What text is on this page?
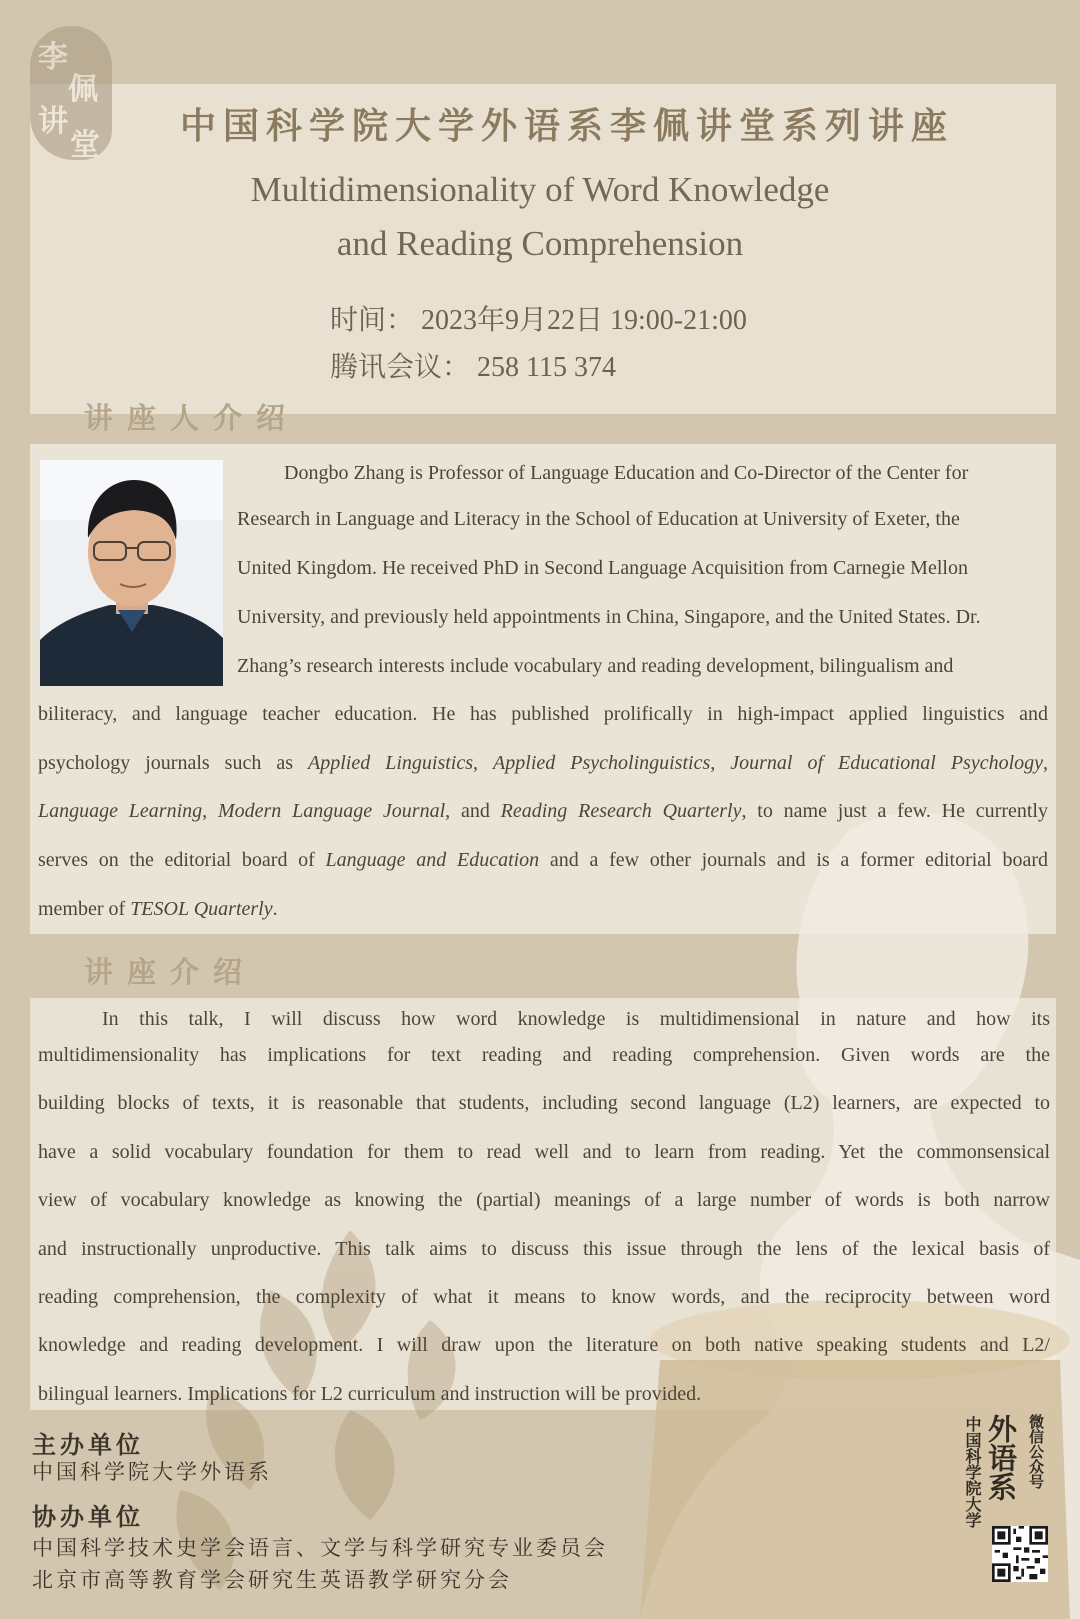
李
佩
讲
堂 中国科学院大学外语系李佩讲堂系列讲座
Multidimensionality of Word Knowledge
and Reading Comprehension
时间： 2023年9月22日 19:00-21:00
腾讯会议： 258 115 374
讲座人介绍
Dongbo Zhang is Professor of Language Education and Co-Director of the Center for
Research in Language and Literacy in the School of Education at University of Exeter, the
United Kingdom. He received PhD in Second Language Acquisition from Carnegie Mellon
University, and previously held appointments in China, Singapore, and the United States. Dr.
Zhang’s research interests include vocabulary and reading development, bilingualism and
biliteracy, and language teacher education. He has published prolifically in high-impact applied linguistics and
psychology journals such as Applied Linguistics, Applied Psycholinguistics, Journal of Educational Psychology,
Language Learning, Modern Language Journal, and Reading Research Quarterly, to name just a few. He currently
serves on the editorial board of Language and Education and a few other journals and is a former editorial board
member of TESOL Quarterly.
讲座介绍
In this talk, I will discuss how word knowledge is multidimensional in nature and how its
multidimensionality has implications for text reading and reading comprehension. Given words are the
building blocks of texts, it is reasonable that students, including second language (L2) learners, are expected to
have a solid vocabulary foundation for them to read well and to learn from reading. Yet the commonsensical
view of vocabulary knowledge as knowing the (partial) meanings of a large number of words is both narrow
and instructionally unproductive. This talk aims to discuss this issue through the lens of the lexical basis of
reading comprehension, the complexity of what it means to know words, and the reciprocity between word
knowledge and reading development. I will draw upon the literature on both native speaking students and L2/
bilingual learners. Implications for L2 curriculum and instruction will be provided.
主办单位
中国科学院大学外语系
协办单位
中国科学技术史学会语言、文学与科学研究专业委员会
北京市高等教育学会研究生英语教学研究分会
中国科学院大学 外语系 微信公众号
